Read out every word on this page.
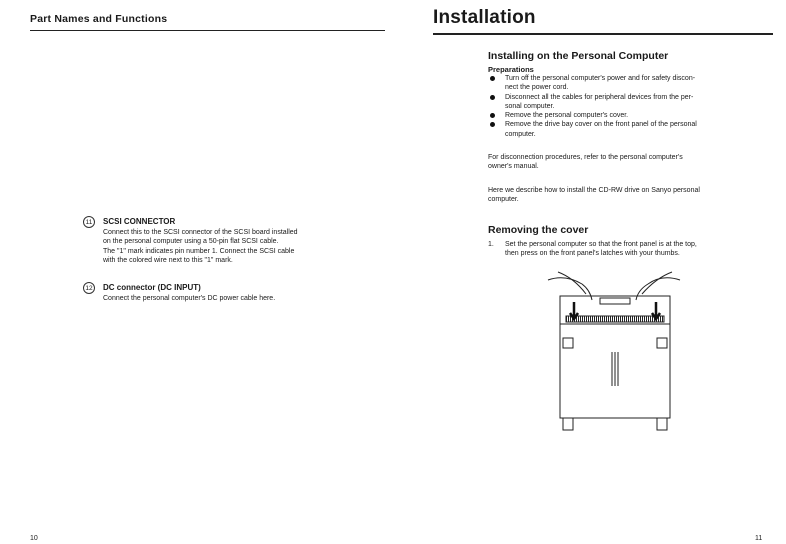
Part Names and Functions
11	SCSI CONNECTOR
Connect this to the SCSI connector of the SCSI board installed
on the personal computer using a 50-pin flat SCSI cable.
The "1" mark indicates pin number 1. Connect the SCSI cable
with the colored wire next to this "1" mark.
12 DC connector (DC INPUT)
Connect the personal computer's DC power cable here.
10
Installation
Installing on the Personal Computer
Preparations
Turn off the personal computer's power and for safety discon-
nect the power cord.
Disconnect all the cables for peripheral devices from the per-
sonal computer.
Remove the personal computer's cover.
Remove the drive bay cover on the front panel of the personal
computer.
For disconnection procedures, refer to the personal computer's
owner's manual.
Here we describe how to install the CD-RW drive on Sanyo personal
computer.
Removing the cover
1. Set the personal computer so that the front panel is at the top,
then press on the front panel's latches with your thumbs.
11
